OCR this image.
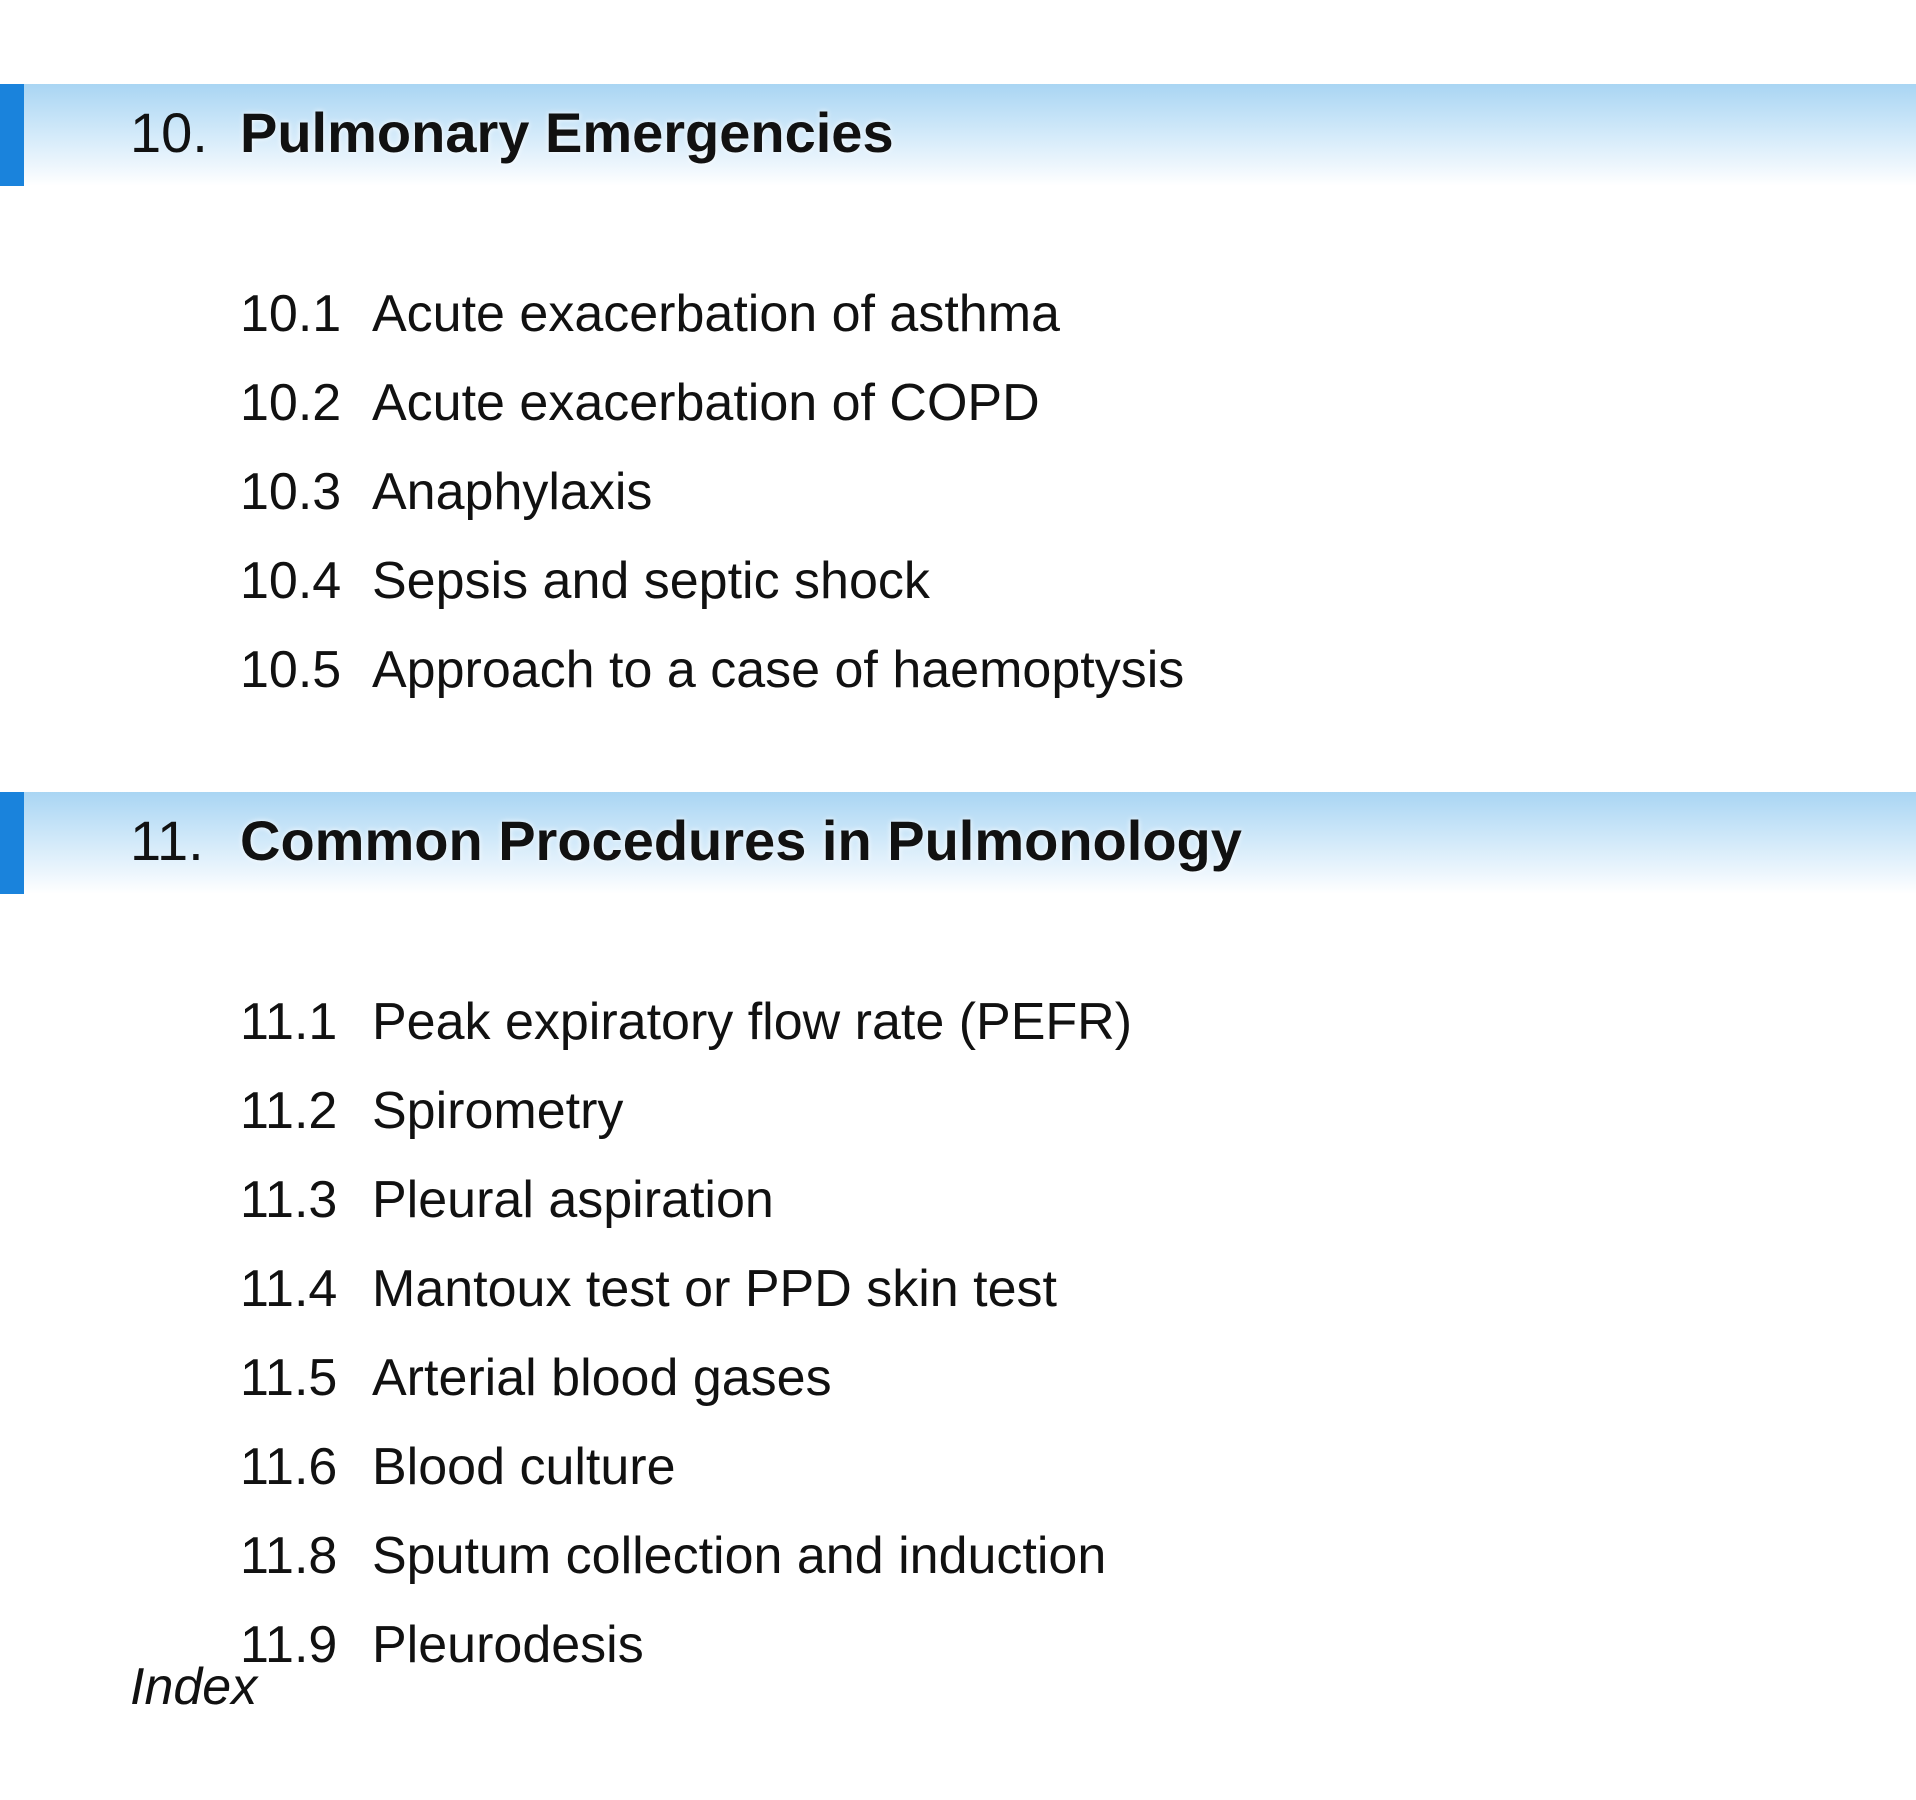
10. Pulmonary Emergencies
10.1 Acute exacerbation of asthma
10.2 Acute exacerbation of COPD
10.3 Anaphylaxis
10.4 Sepsis and septic shock
10.5 Approach to a case of haemoptysis
11. Common Procedures in Pulmonology
11.1 Peak expiratory flow rate (PEFR)
11.2 Spirometry
11.3 Pleural aspiration
11.4 Mantoux test or PPD skin test
11.5 Arterial blood gases
11.6 Blood culture
11.8 Sputum collection and induction
11.9 Pleurodesis
Index
